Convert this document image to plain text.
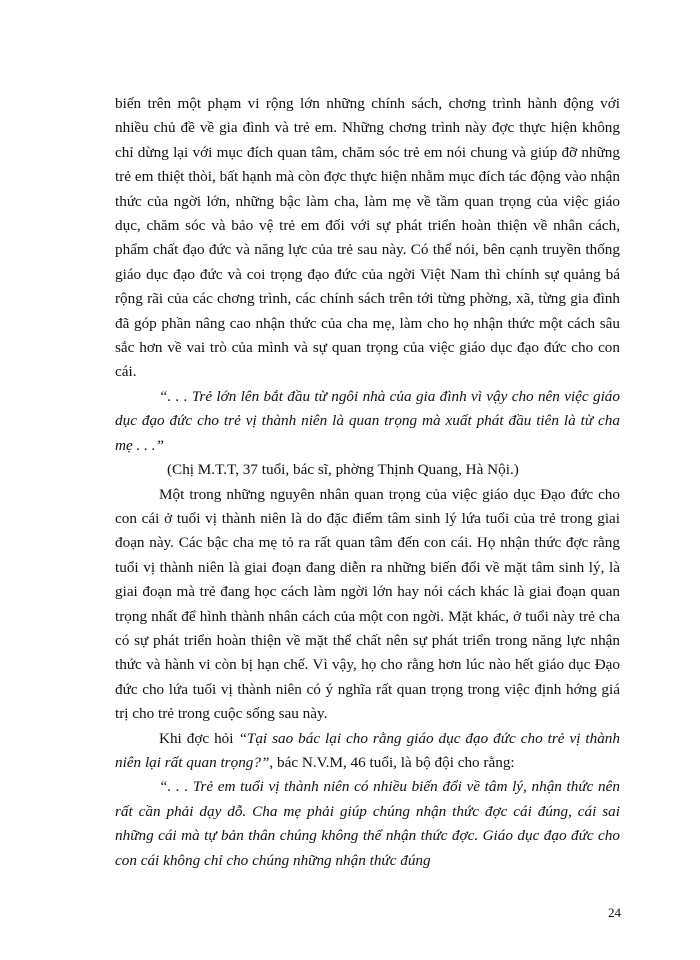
biến trên một phạm vi rộng lớn những chính sách, chơng trình hành động với nhiều chủ đề về gia đình và trẻ em. Những chơng trình này đợc thực hiện không chỉ dừng lại với mục đích quan tâm, chăm sóc trẻ em nói chung và giúp đỡ những trẻ em thiệt thòi, bất hạnh mà còn đợc thực hiện nhằm mục đích tác động vào nhận thức của ngời lớn, những bậc làm cha, làm mẹ về tầm quan trọng của việc giáo dục, chăm sóc và bảo vệ trẻ em đối với sự phát triển hoàn thiện về nhân cách, phẩm chất đạo đức và năng lực của trẻ sau này. Có thể nói, bên cạnh truyền thống giáo dục đạo đức và coi trọng đạo đức của ngời Việt Nam thì chính sự quảng bá rộng rãi của các chơng trình, các chính sách trên tới từng phờng, xã, từng gia đình đã góp phần nâng cao nhận thức của cha mẹ, làm cho họ nhận thức một cách sâu sắc hơn về vai trò của mình và sự quan trọng của việc giáo dục đạo đức cho con cái.

“. . . Trẻ lớn lên bắt đầu từ ngôi nhà của gia đình vì vậy cho nên việc giáo dục đạo đức cho trẻ vị thành niên là quan trọng mà xuất phát đầu tiên là từ cha mẹ . . .”

(Chị M.T.T, 37 tuổi, bác sĩ, phờng Thịnh Quang, Hà Nội.)

Một trong những nguyên nhân quan trọng của việc giáo dục Đạo đức cho con cái ở tuổi vị thành niên là do đặc điểm tâm sinh lý lứa tuổi của trẻ trong giai đoạn này. Các bậc cha mẹ tỏ ra rất quan tâm đến con cái. Họ nhận thức đợc rằng tuổi vị thành niên là giai đoạn đang diễn ra những biến đổi về mặt tâm sinh lý, là giai đoạn mà trẻ đang học cách làm ngời lớn hay nói cách khác là giai đoạn quan trọng nhất để hình thành nhân cách của một con ngời. Mặt khác, ở tuổi này trẻ cha có sự phát triển hoàn thiện về mặt thể chất nên sự phát triển trong năng lực nhận thức và hành vi còn bị hạn chế. Vì vậy, họ cho rằng hơn lúc nào hết giáo dục Đạo đức cho lứa tuổi vị thành niên có ý nghĩa rất quan trọng trong việc định hớng giá trị cho trẻ trong cuộc sống sau này.

Khi đợc hỏi “Tại sao bác lại cho rằng giáo dục đạo đức cho trẻ vị thành niên lại rất quan trọng?”, bác N.V.M, 46 tuổi, là bộ đội cho rằng:

“. . . Trẻ em tuổi vị thành niên có nhiều biến đổi về tâm lý, nhận thức nên rất cần phải dạy dỗ. Cha mẹ phải giúp chúng nhận thức đợc cái đúng, cái sai những cái mà tự bản thân chúng không thể nhận thức đợc. Giáo dục đạo đức cho con cái không chỉ cho chúng những nhận thức đúng

24
